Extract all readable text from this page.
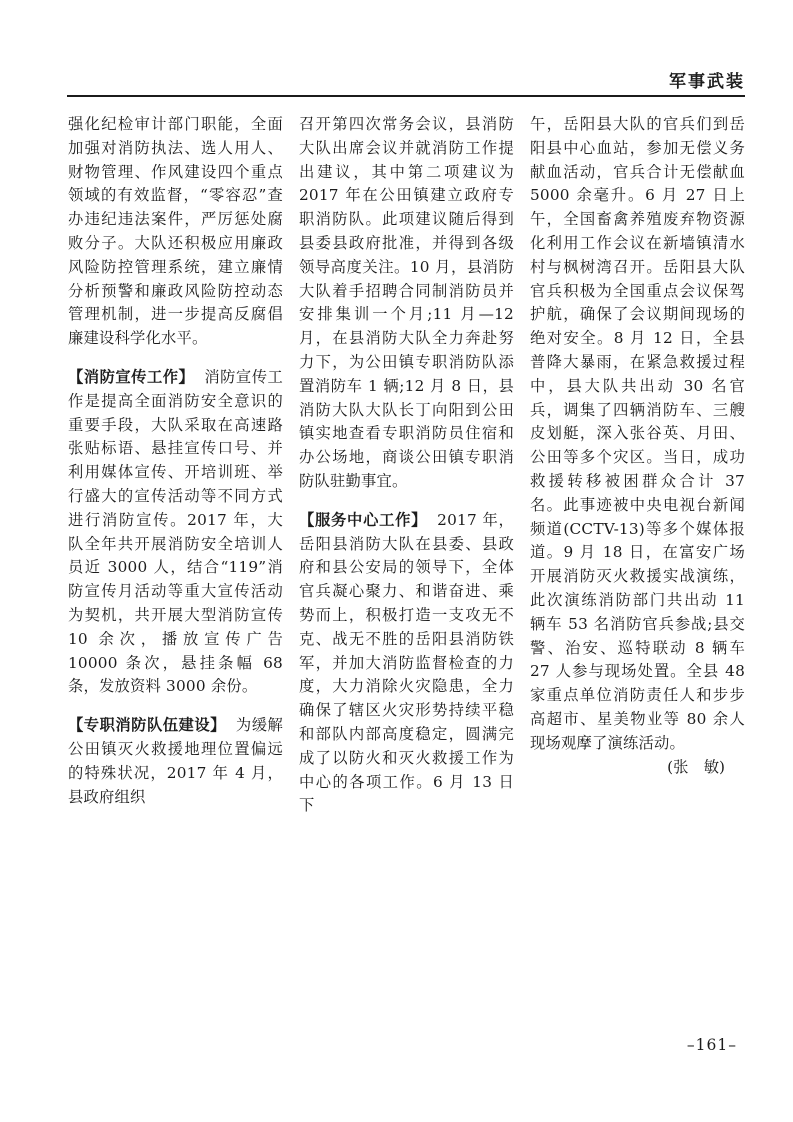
军事武装

强化纪检审计部门职能，全面加强对消防执法、选人用人、财物管理、作风建设四个重点领域的有效监督，“零容忍”查办违纪违法案件，严厉惩处腐败分子。大队还积极应用廉政风险防控管理系统，建立廉情分析预警和廉政风险防控动态管理机制，进一步提高反腐倡廉建设科学化水平。

【消防宣传工作】 消防宣传工作是提高全面消防安全意识的重要手段，大队采取在高速路张贴标语、悬挂宣传口号、并利用媒体宣传、开培训班、举行盛大的宣传活动等不同方式进行消防宣传。2017 年，大队全年共开展消防安全培训人员近 3000 人，结合“119”消防宣传月活动等重大宣传活动为契机，共开展大型消防宣传 10 余次，播放宣传广告 10000 条次，悬挂条幅 68 条，发放资料 3000 余份。

【专职消防队伍建设】 为缓解公田镇灭火救援地理位置偏远的特殊状况，2017 年 4 月，县政府组织

召开第四次常务会议，县消防大队出席会议并就消防工作提出建议，其中第二项建议为 2017 年在公田镇建立政府专职消防队。此项建议随后得到县委县政府批准，并得到各级领导高度关注。10 月，县消防大队着手招聘合同制消防员并安排集训一个月;11 月—12 月，在县消防大队全力奔赴努力下，为公田镇专职消防队添置消防车 1 辆;12 月 8 日，县消防大队大队长丁向阳到公田镇实地查看专职消防员住宿和办公场地，商谈公田镇专职消防队驻勤事宜。

【服务中心工作】 2017 年，岳阳县消防大队在县委、县政府和县公安局的领导下，全体官兵凝心聚力、和谐奋进、乘势而上，积极打造一支攻无不克、战无不胜的岳阳县消防铁军，并加大消防监督检查的力度，大力消除火灾隐患，全力确保了辖区火灾形势持续平稳和部队内部高度稳定，圆满完成了以防火和灭火救援工作为中心的各项工作。6 月 13 日下

午，岳阳县大队的官兵们到岳阳县中心血站，参加无偿义务献血活动，官兵合计无偿献血 5000 余毫升。6 月 27 日上午，全国畜禽养殖废弃物资源化利用工作会议在新墙镇清水村与枫树湾召开。岳阳县大队官兵积极为全国重点会议保驾护航，确保了会议期间现场的绝对安全。8 月 12 日，全县普降大暴雨，在紧急救援过程中，县大队共出动 30 名官兵，调集了四辆消防车、三艘皮划艇，深入张谷英、月田、公田等多个灾区。当日，成功救援转移被困群众合计 37 名。此事迹被中央电视台新闻频道(CCTV-13)等多个媒体报道。9 月 18 日，在富安广场开展消防灭火救援实战演练，此次演练消防部门共出动 11 辆车 53 名消防官兵参战;县交警、治安、巡特联动 8 辆车 27 人参与现场处置。全县 48 家重点单位消防责任人和步步高超市、星美物业等 80 余人现场观摩了演练活动。

(张　敏)

–161–
